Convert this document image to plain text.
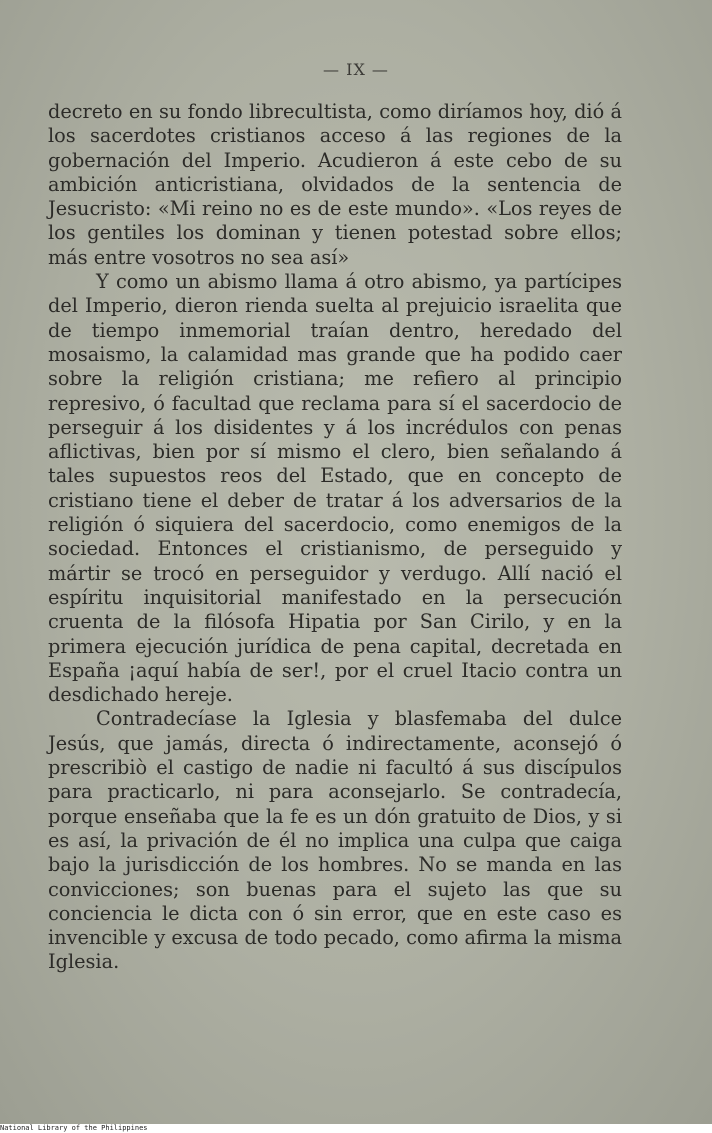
— IX —

decreto en su fondo librecultista, como diríamos hoy, dió á los sacerdotes cristianos acceso á las regiones de la gobernación del Imperio. Acudieron á este cebo de su ambición anticristiana, olvidados de la sentencia de Jesucristo: «Mi reino no es de este mundo». «Los reyes de los gentiles los dominan y tienen potestad sobre ellos; más entre vosotros no sea así»

Y como un abismo llama á otro abismo, ya partícipes del Imperio, dieron rienda suelta al prejuicio israelita que de tiempo inmemorial traían dentro, heredado del mosaismo, la calamidad mas grande que ha podido caer sobre la religión cristiana; me refiero al principio represivo, ó facultad que reclama para sí el sacerdocio de perseguir á los disidentes y á los incrédulos con penas aflictivas, bien por sí mismo el clero, bien señalando á tales supuestos reos del Estado, que en concepto de cristiano tiene el deber de tratar á los adversarios de la religión ó siquiera del sacerdocio, como enemigos de la sociedad. Entonces el cristianismo, de perseguido y mártir se trocó en perseguidor y verdugo. Allí nació el espíritu inquisitorial manifestado en la persecución cruenta de la filósofa Hipatia por San Cirilo, y en la primera ejecución jurídica de pena capital, decretada en España ¡aquí había de ser!, por el cruel Itacio contra un desdichado hereje.

Contradecíase la Iglesia y blasfemaba del dulce Jesús, que jamás, directa ó indirectamente, aconsejó ó prescribiò el castigo de nadie ni facultó á sus discípulos para practicarlo, ni para aconsejarlo. Se contradecía, porque enseñaba que la fe es un dón gratuito de Dios, y si es así, la privación de él no implica una culpa que caiga bajo la jurisdicción de los hombres. No se manda en las convicciones; son buenas para el sujeto las que su conciencia le dicta con ó sin error, que en este caso es invencible y excusa de todo pecado, como afirma la misma Iglesia.

National Library of the Philippines
